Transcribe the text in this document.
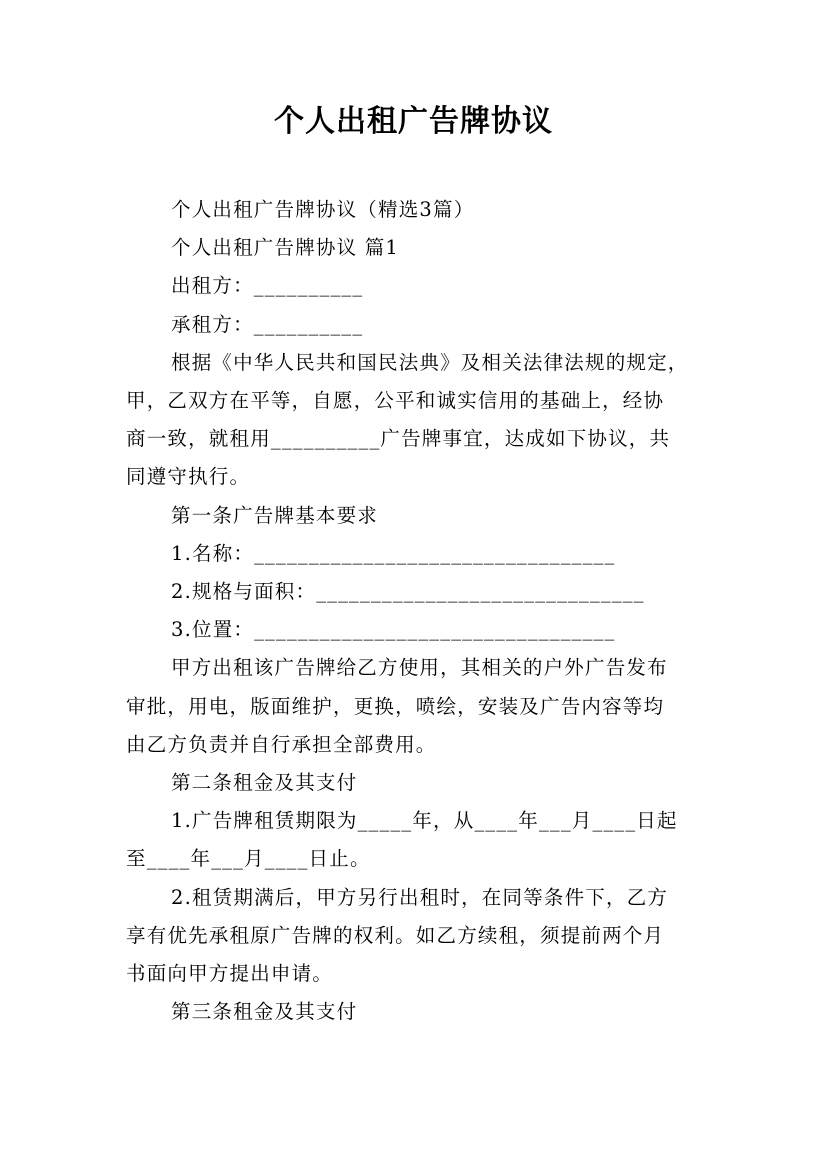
个人出租广告牌协议

个人出租广告牌协议（精选3篇）

个人出租广告牌协议 篇1

出租方：__________

承租方：__________

根据《中华人民共和国民法典》及相关法律法规的规定，

甲，乙双方在平等，自愿，公平和诚实信用的基础上，经协

商一致，就租用__________广告牌事宜，达成如下协议，共

同遵守执行。

第一条广告牌基本要求

1.名称：_________________________________

2.规格与面积：______________________________

3.位置：_________________________________

甲方出租该广告牌给乙方使用，其相关的户外广告发布

审批，用电，版面维护，更换，喷绘，安装及广告内容等均

由乙方负责并自行承担全部费用。

第二条租金及其支付

1.广告牌租赁期限为_____年，从____年___月____日起

至____年___月____日止。

2.租赁期满后，甲方另行出租时，在同等条件下，乙方

享有优先承租原广告牌的权利。如乙方续租，须提前两个月

书面向甲方提出申请。

第三条租金及其支付
